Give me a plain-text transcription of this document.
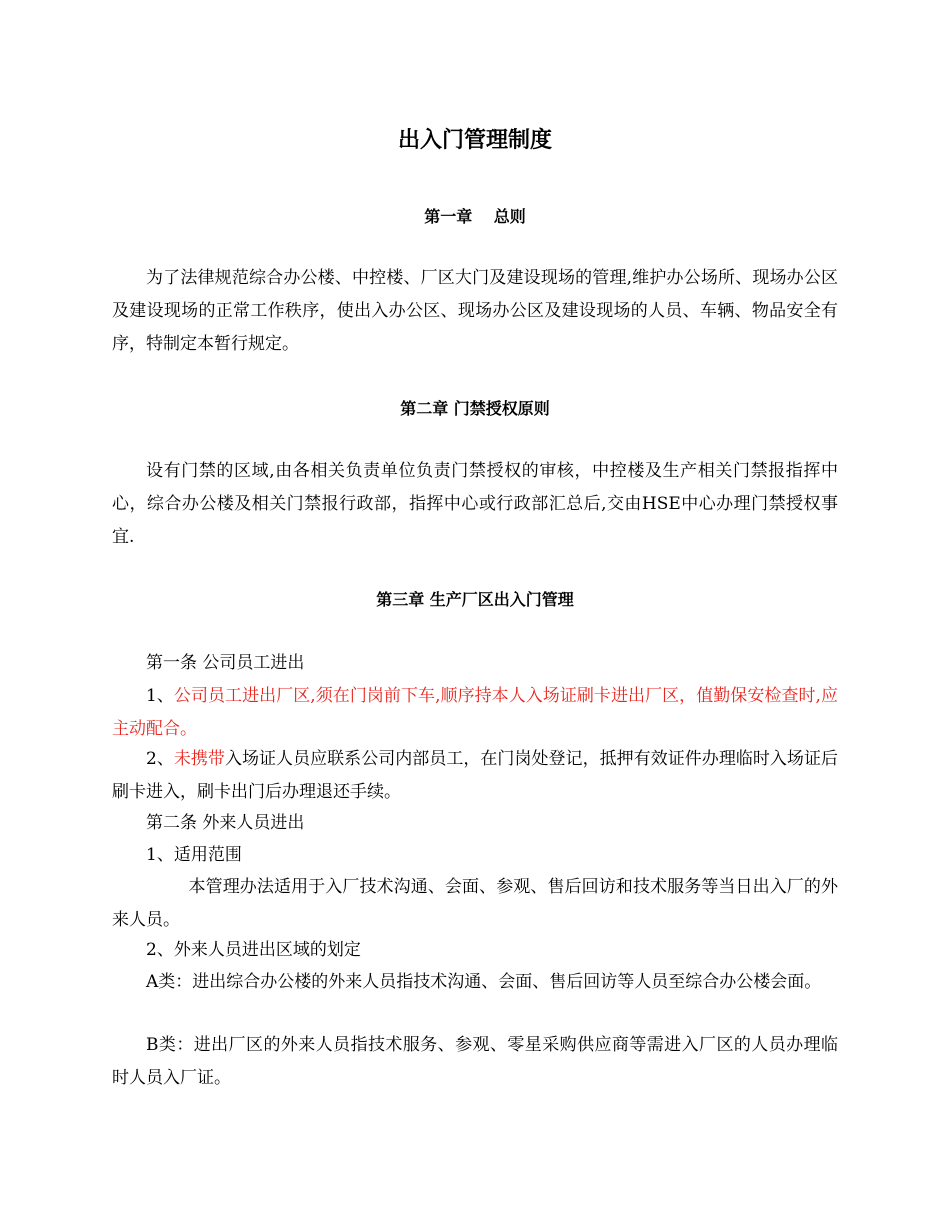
出入门管理制度
第一章　 总则

为了法律规范综合办公楼、中控楼、厂区大门及建设现场的管理,维护办公场所、现场办公区及建设现场的正常工作秩序，使出入办公区、现场办公区及建设现场的人员、车辆、物品安全有序，特制定本暂行规定。

第二章 门禁授权原则

设有门禁的区域,由各相关负责单位负责门禁授权的审核，中控楼及生产相关门禁报指挥中心，综合办公楼及相关门禁报行政部，指挥中心或行政部汇总后,交由HSE中心办理门禁授权事宜.

第三章 生产厂区出入门管理

第一条 公司员工进出

1、公司员工进出厂区,须在门岗前下车,顺序持本人入场证刷卡进出厂区，值勤保安检查时,应主动配合。

2、未携带入场证人员应联系公司内部员工，在门岗处登记，抵押有效证件办理临时入场证后刷卡进入，刷卡出门后办理退还手续。

第二条 外来人员进出

1、适用范围

本管理办法适用于入厂技术沟通、会面、参观、售后回访和技术服务等当日出入厂的外来人员。

2、外来人员进出区域的划定

A类：进出综合办公楼的外来人员指技术沟通、会面、售后回访等人员至综合办公楼会面。

B类：进出厂区的外来人员指技术服务、参观、零星采购供应商等需进入厂区的人员办理临时人员入厂证。
